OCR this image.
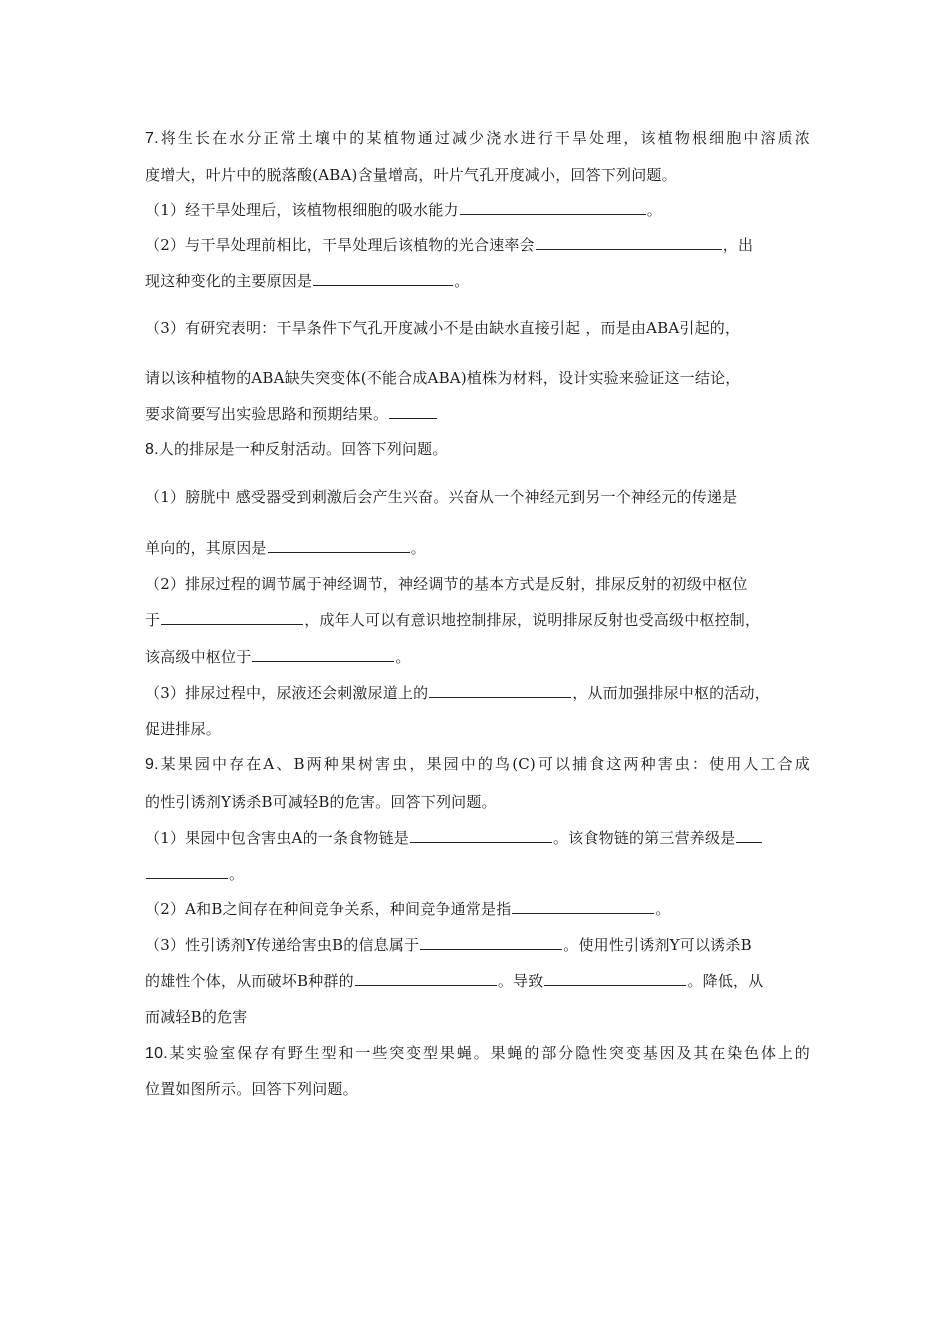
7.将生长在水分正常土壤中的某植物通过减少浇水进行干旱处理，该植物根细胞中溶质浓
度增大，叶片中的脱落酸(ABA)含量增高，叶片气孔开度减小，回答下列问题。
（1）经干旱处理后，该植物根细胞的吸水能力	。
（2）与干旱处理前相比，干旱处理后该植物的光合速率会	，出
现这种变化的主要原因是	。
（3）有研究表明：干旱条件下气孔开度减小不是由缺水直接引起 ，而是由ABA引起的，
请以该种植物的ABA缺失突变体(不能合成ABA)植株为材料，设计实验来验证这一结论，
要求简要写出实验思路和预期结果。
8.人的排尿是一种反射活动。回答下列问题。
（1）膀胱中 感受器受到刺激后会产生兴奋。兴奋从一个神经元到另一个神经元的传递是
单向的，其原因是	。
（2）排尿过程的调节属于神经调节，神经调节的基本方式是反射，排尿反射的初级中枢位
于	，成年人可以有意识地控制排尿，说明排尿反射也受高级中枢控制，
该高级中枢位于	。
（3）排尿过程中，尿液还会刺激尿道上的	，从而加强排尿中枢的活动，
促进排尿。
9.某果园中存在A、B两种果树害虫，果园中的鸟(C)可以捕食这两种害虫：使用人工合成
的性引诱剂Y诱杀B可减轻B的危害。回答下列问题。
（1）果园中包含害虫A的一条食物链是	。该食物链的第三营养级是
。
（2）A和B之间存在种间竞争关系，种间竞争通常是指	。
（3）性引诱剂Y传递给害虫B的信息属于	。使用性引诱剂Y可以诱杀B
的雄性个体，从而破坏B种群的	。导致	。降低，从
而减轻B的危害
10.某实验室保存有野生型和一些突变型果蝇。果蝇的部分隐性突变基因及其在染色体上的
位置如图所示。回答下列问题。
